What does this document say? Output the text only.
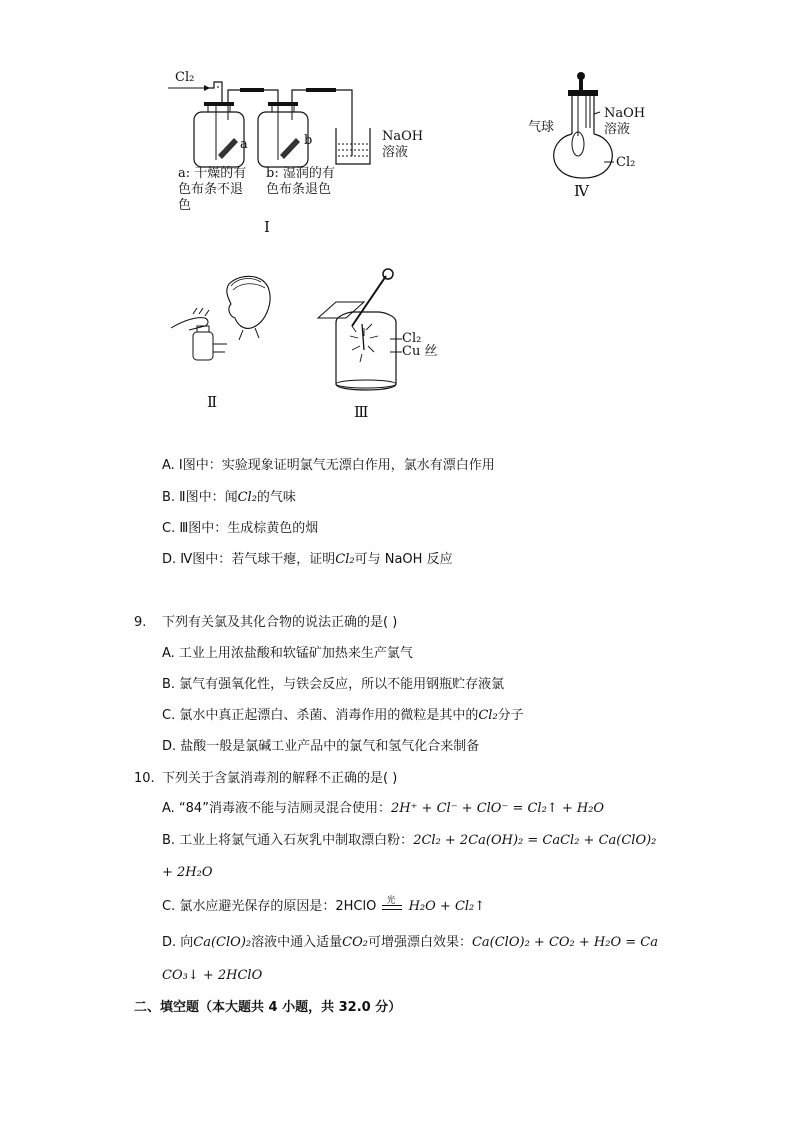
Cl₂
a	b	NaOH
溶液
a: 干燥的有
色布条不退
色
b: 湿润的有
色布条退色
Ⅰ
气球
NaOH
溶液
Cl₂
Ⅳ
Ⅱ
Cl₂
Cu 丝
Ⅲ
A. Ⅰ图中：实验现象证明氯气无漂白作用，氯水有漂白作用
B. Ⅱ图中：闻Cl₂的气味
C. Ⅲ图中：生成棕黄色的烟
D. Ⅳ图中：若气球干瘪，证明Cl₂可与 NaOH 反应
9. 下列有关氯及其化合物的说法正确的是( )
A. 工业上用浓盐酸和软锰矿加热来生产氯气
B. 氯气有强氧化性，与铁会反应，所以不能用钢瓶贮存液氯
C. 氯水中真正起漂白、杀菌、消毒作用的微粒是其中的Cl₂分子
D. 盐酸一般是氯碱工业产品中的氯气和氢气化合来制备
10. 下列关于含氯消毒剂的解释不正确的是( )
A. “84”消毒液不能与洁厕灵混合使用：2H⁺ + Cl⁻ + ClO⁻ = Cl₂↑ + H₂O
B. 工业上将氯气通入石灰乳中制取漂白粉：2Cl₂ + 2Ca(OH)₂ = CaCl₂ + Ca(ClO)₂
+ 2H₂O
C. 氯水应避光保存的原因是：2HClO 光 H₂O + Cl₂↑
D. 向Ca(ClO)₂溶液中通入适量CO₂可增强漂白效果：Ca(ClO)₂ + CO₂ + H₂O = Ca
CO₃↓ + 2HClO
二、填空题（本大题共 4 小题，共 32.0 分）
